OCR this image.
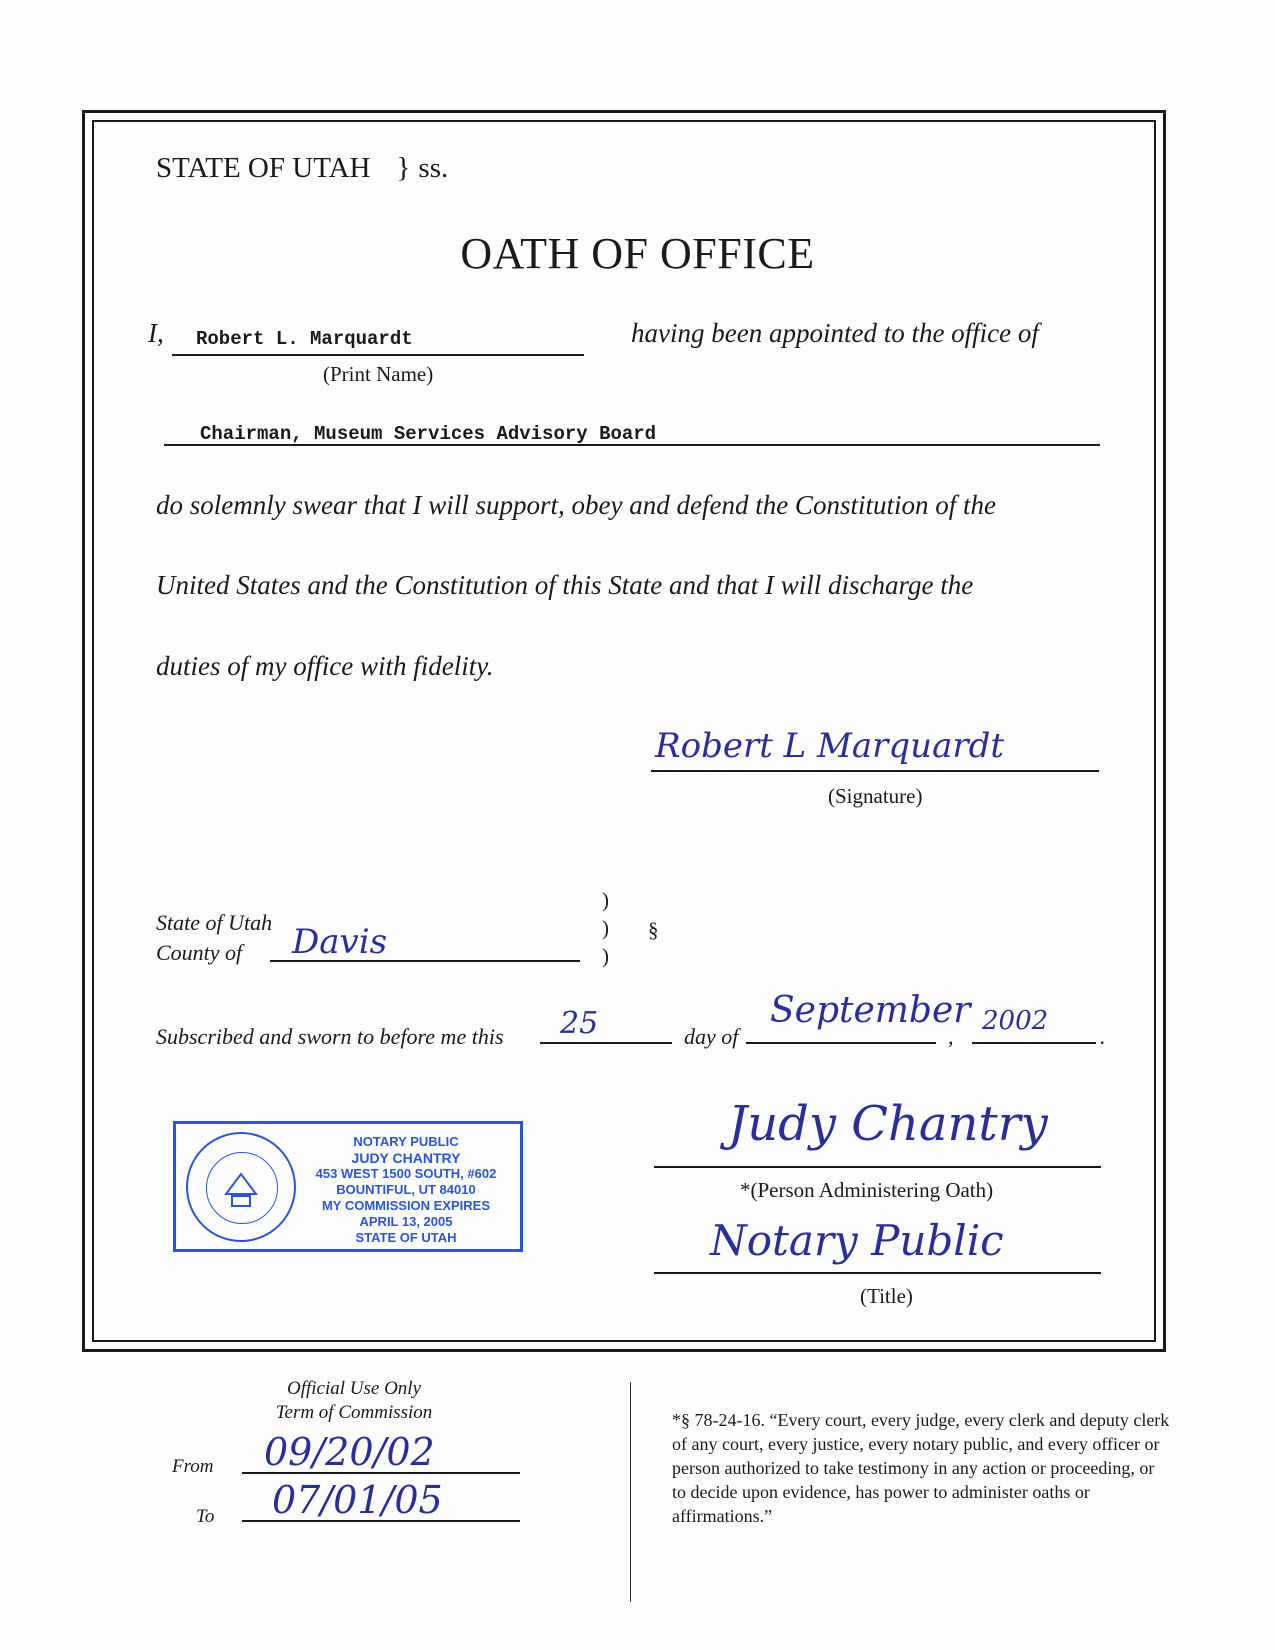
STATE OF UTAH } ss.
OATH OF OFFICE
I, Robert L. Marquardt	having been appointed to the office of
(Print Name)
Chairman, Museum Services Advisory Board
do solemnly swear that I will support, obey and defend the Constitution of the
United States and the Constitution of this State and that I will discharge the
duties of my office with fidelity.
Robert L Marquardt
(Signature)
State of Utah
County of Davis
)
)
)
§
Subscribed and sworn to before me this 25	day of
September
,
2002
.
NOTARY PUBLIC
JUDY CHANTRY
453 WEST 1500 SOUTH, #602
BOUNTIFUL, UT 84010
MY COMMISSION EXPIRES
APRIL 13, 2005
STATE OF UTAH
Judy Chantry
*(Person Administering Oath)
Notary Public
(Title)
Official Use Only
Term of Commission
From 09/20/02
To 07/01/05
*§ 78-24-16. “Every court, every judge, every clerk and deputy clerk of any court, every justice, every notary public, and every officer or person authorized to take testimony in any action or proceeding, or to decide upon evidence, has power to administer oaths or affirmations.”
